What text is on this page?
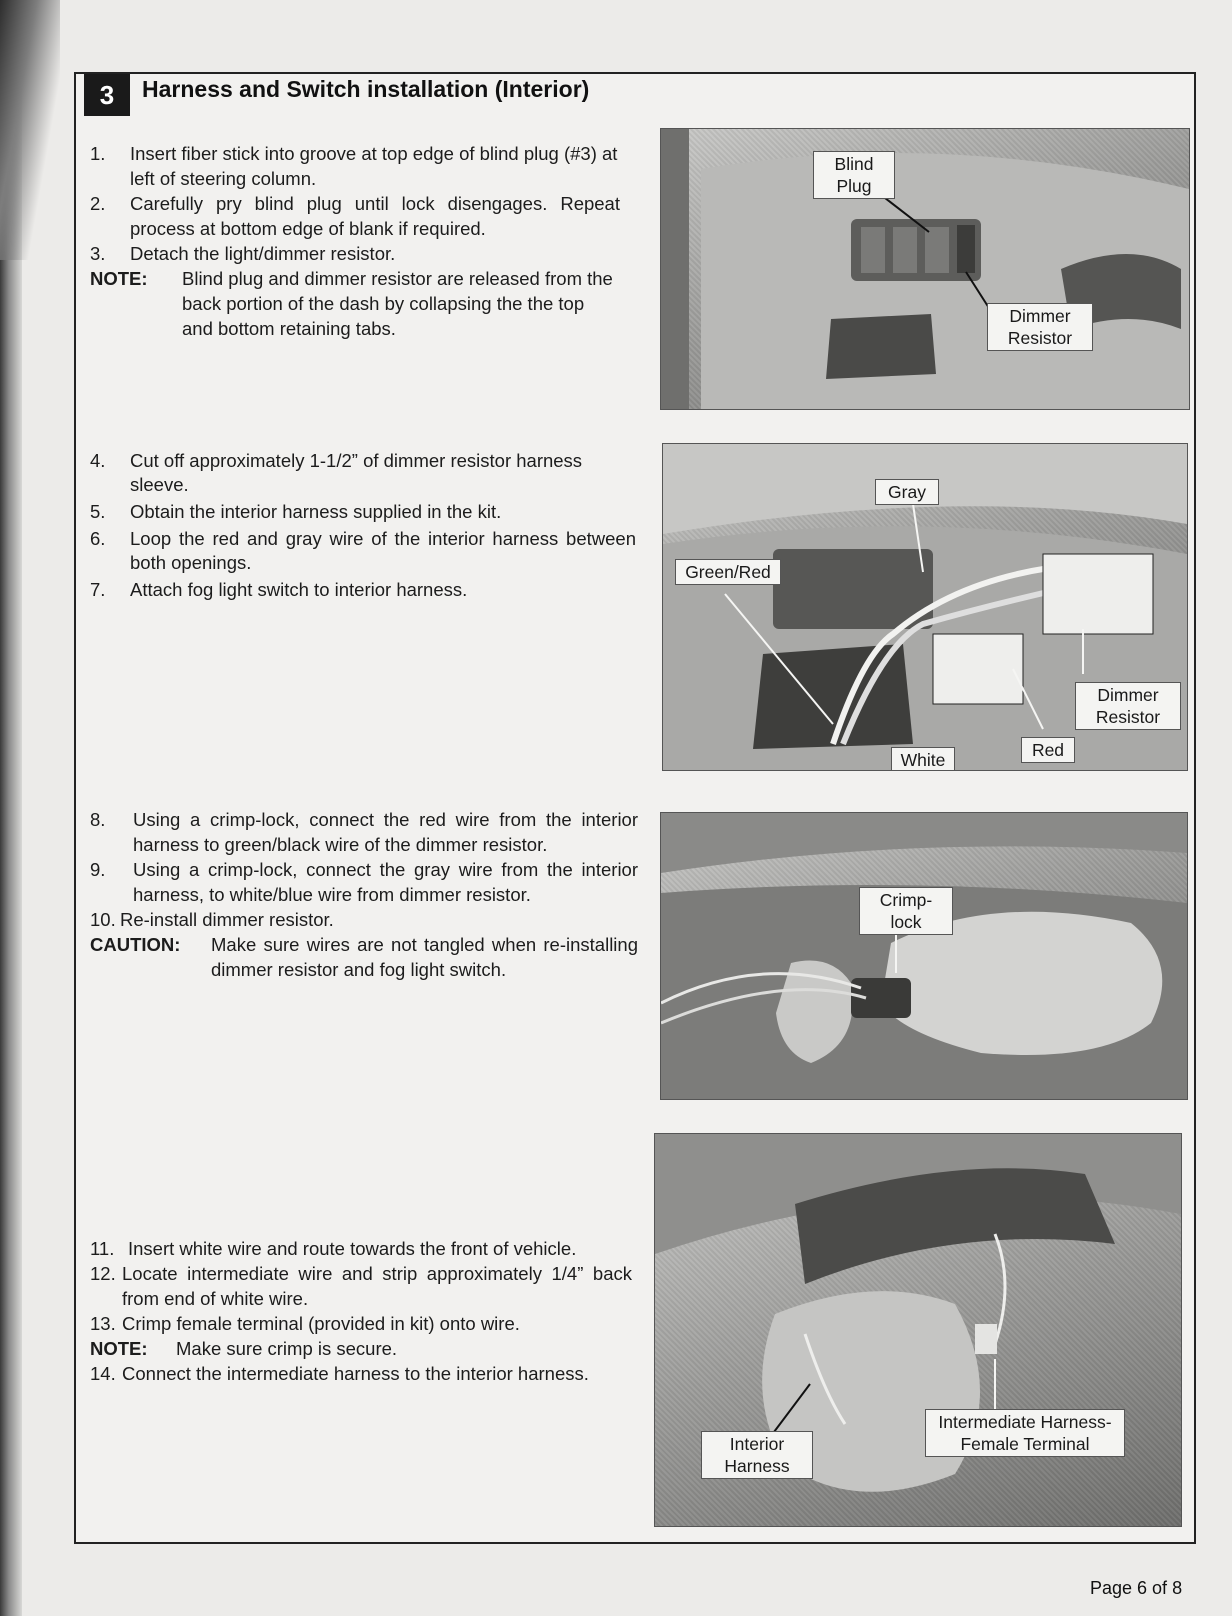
3	Harness and Switch installation (Interior)
1.	Insert fiber stick into groove at top edge of blind plug (#3) at left of steering column.
2.	Carefully pry blind plug until lock disengages. Repeat process at bottom edge of blank if required.
3.	Detach the light/dimmer resistor.
NOTE:	Blind plug and dimmer resistor are released from the back portion of the dash by collapsing the the top and bottom retaining tabs.
Blind Plug
Dimmer Resistor
4.	Cut off approximately 1-1/2” of dimmer resistor harness sleeve.
5.	Obtain the interior harness supplied in the kit.
6.	Loop the red and gray wire of the interior harness between both openings.
7.	Attach fog light switch to interior harness.
Gray
Green/Red
Dimmer Resistor
White	Red
8.	Using a crimp-lock, connect the red wire from the interior harness to green/black wire of the dimmer resistor.
9.	Using a crimp-lock, connect the gray wire from the interior harness, to white/blue wire from dimmer resistor.
10. Re-install dimmer resistor.
CAUTION:	Make sure wires are not tangled when re-installing dimmer resistor and fog light switch.
Crimp-lock
11. Insert white wire and route towards the front of vehicle.
12. Locate intermediate wire and strip approximately 1/4” back from end of white wire.
13. Crimp female terminal (provided in kit) onto wire.
NOTE:	Make sure crimp is secure.
14. Connect the intermediate harness to the interior harness.
Interior Harness
Intermediate Harness- Female Terminal
Page 6 of 8
